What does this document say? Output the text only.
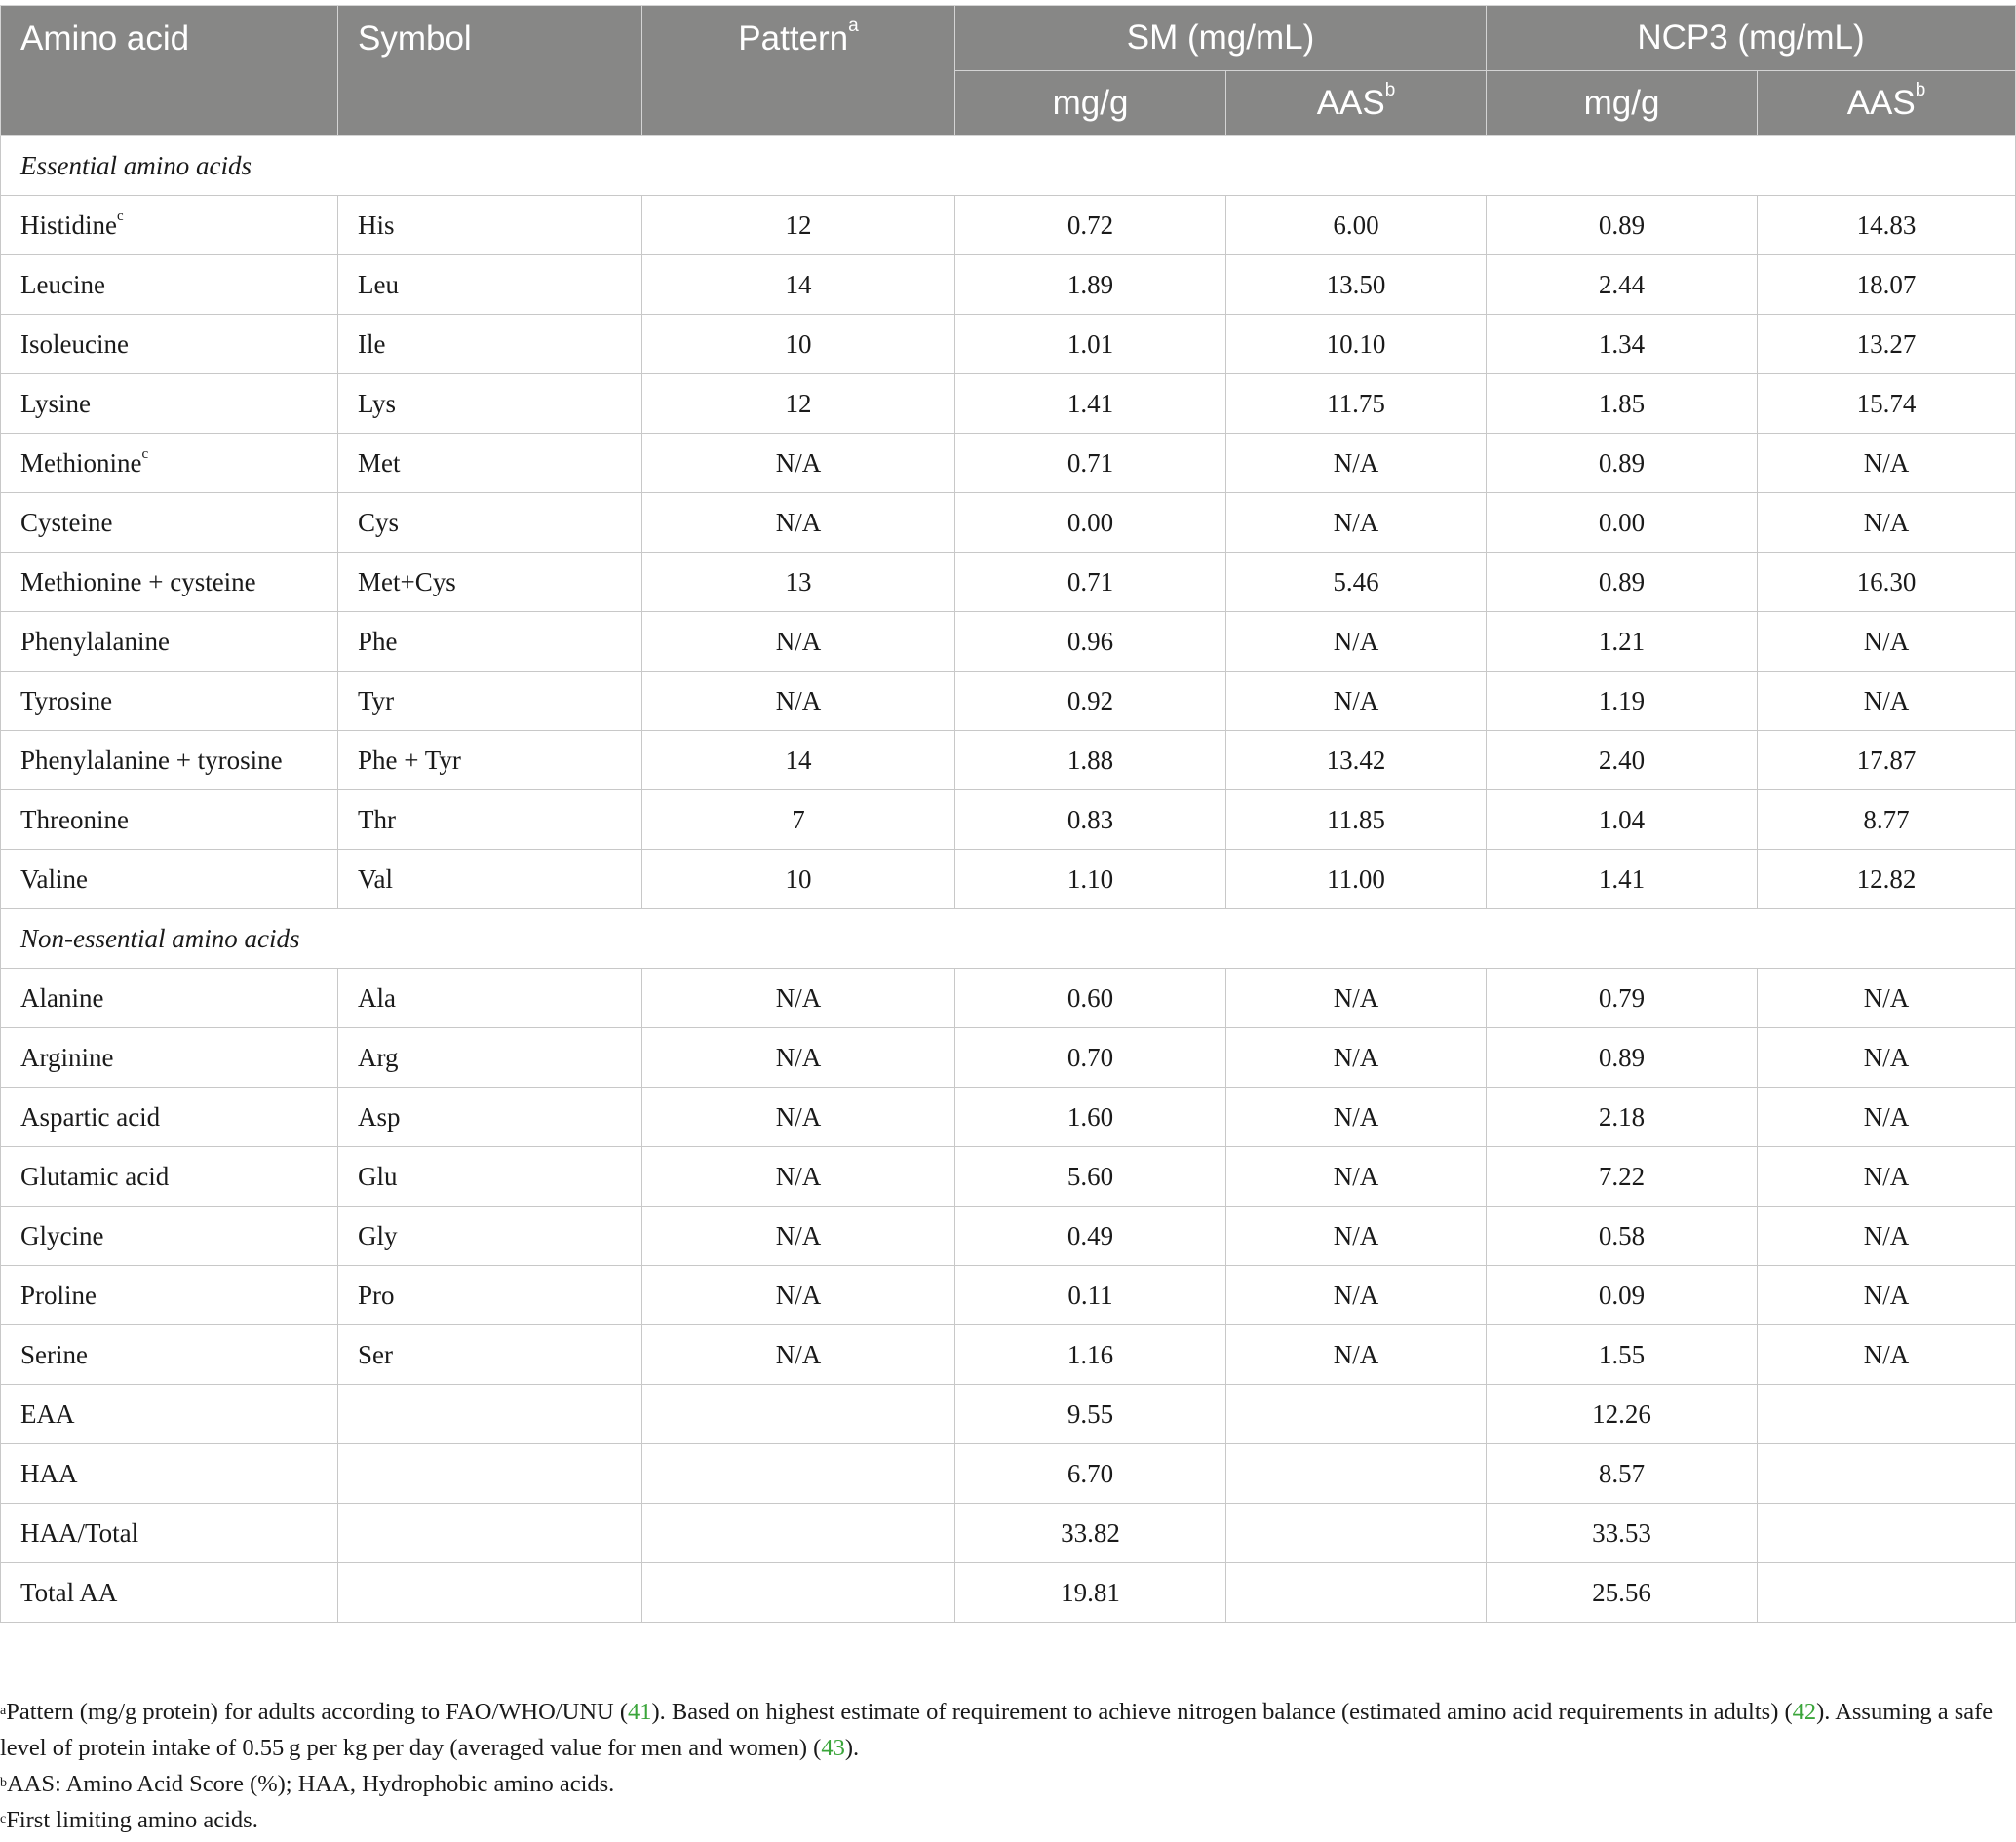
Amino acid	Symbol	Pattern$^a$	SM (mg/mL)		NCP3 (mg/mL)	
			mg/g	AAS$^b$	mg/g	AAS$^b$
Essential amino acids						
Histidine$^c$	His	12	0.72	6.00	0.89	14.83
Leucine	Leu	14	1.89	13.50	2.44	18.07
Isoleucine	Ile	10	1.01	10.10	1.34	13.27
Lysine	Lys	12	1.41	11.75	1.85	15.74
Methionine$^c$	Met	N/A	0.71	N/A	0.89	N/A
Cysteine	Cys	N/A	0.00	N/A	0.00	N/A
Methionine + cysteine	Met+Cys	13	0.71	5.46	0.89	16.30
Phenylalanine	Phe	N/A	0.96	N/A	1.21	N/A
Tyrosine	Tyr	N/A	0.92	N/A	1.19	N/A
Phenylalanine + tyrosine	Phe + Tyr	14	1.88	13.42	2.40	17.87
Threonine	Thr	7	0.83	11.85	1.04	8.77
Valine	Val	10	1.10	11.00	1.41	12.82
Non-essential amino acids						
Alanine	Ala	N/A	0.60	N/A	0.79	N/A
Arginine	Arg	N/A	0.70	N/A	0.89	N/A
Aspartic acid	Asp	N/A	1.60	N/A	2.18	N/A
Glutamic acid	Glu	N/A	5.60	N/A	7.22	N/A
Glycine	Gly	N/A	0.49	N/A	0.58	N/A
Proline	Pro	N/A	0.11	N/A	0.09	N/A
Serine	Ser	N/A	1.16	N/A	1.55	N/A
EAA			9.55		12.26	
HAA			6.70		8.57	
HAA/Total			33.82		33.53	
Total AA			19.81		25.56	

$^a$Pattern (mg/g protein) for adults according to FAO/WHO/UNU (41). Based on highest estimate of requirement to achieve nitrogen balance (estimated amino acid requirements in adults) (42). Assuming a safe level of protein intake of 0.55 g per kg per day (averaged value for men and women) (43).

$^b$AAS: Amino Acid Score (%); HAA, Hydrophobic amino acids.

$^c$First limiting amino acids.
